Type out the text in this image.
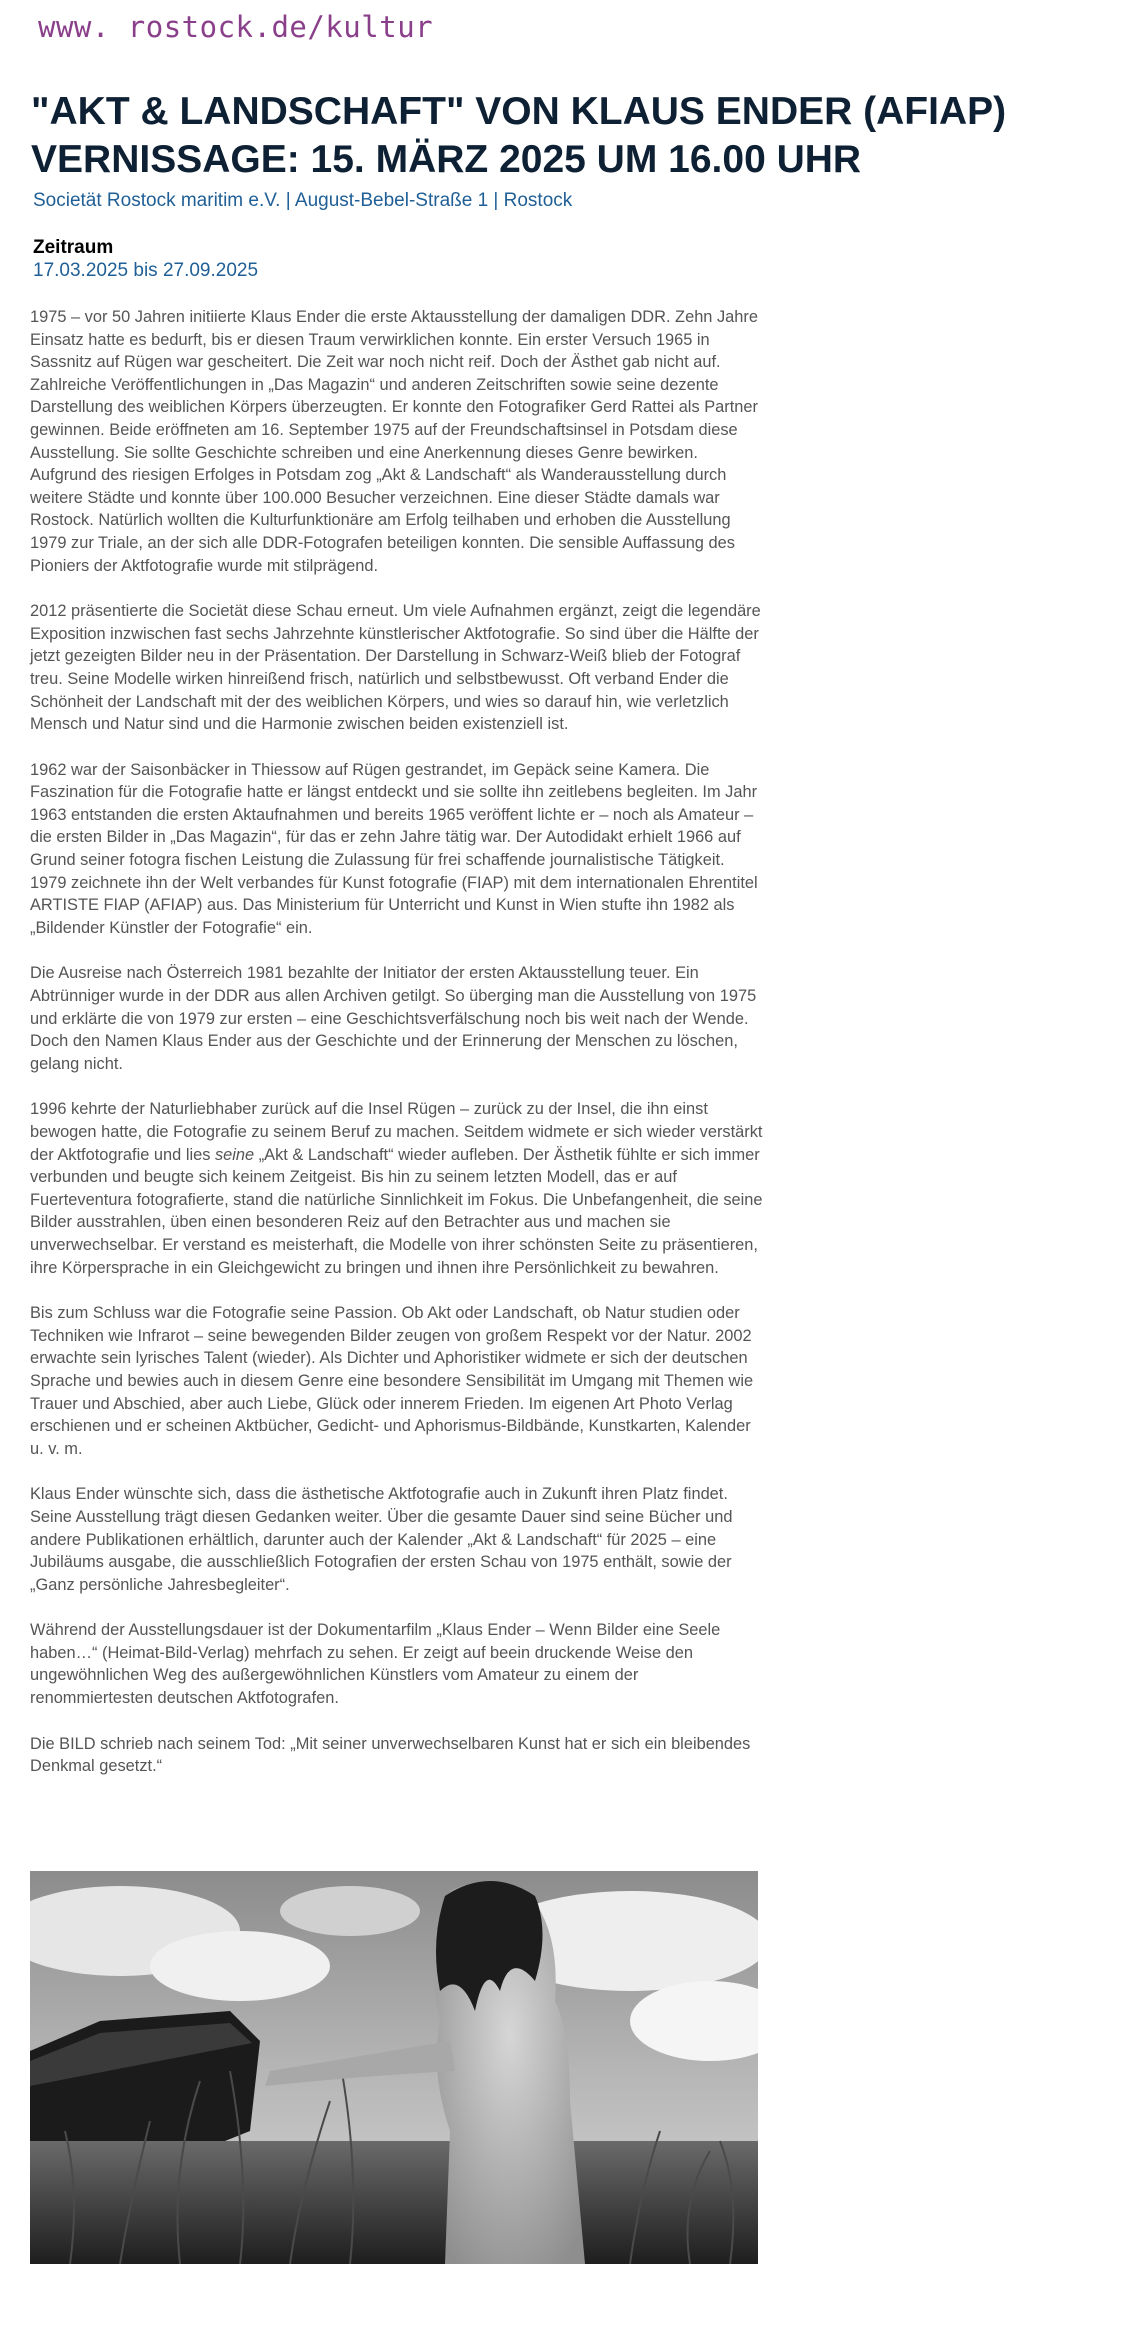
www. rostock.de/kultur
"AKT & LANDSCHAFT" VON KLAUS ENDER (AFIAP)
VERNISSAGE: 15. MÄRZ 2025 UM 16.00 UHR
Societät Rostock maritim e.V. | August-Bebel-Straße 1 | Rostock
Zeitraum
17.03.2025 bis 27.09.2025

1975 – vor 50 Jahren initiierte Klaus Ender die erste Aktausstellung der damaligen DDR. Zehn Jahre Einsatz hatte es bedurft, bis er diesen Traum verwirklichen konnte. Ein erster Versuch 1965 in Sassnitz auf Rügen war gescheitert. Die Zeit war noch nicht reif. Doch der Ästhet gab nicht auf. Zahlreiche Veröffentlichungen in „Das Magazin“ und anderen Zeitschriften sowie seine dezente Darstellung des weiblichen Körpers überzeugten. Er konnte den Fotografiker Gerd Rattei als Partner gewinnen. Beide eröffneten am 16. September 1975 auf der Freundschaftsinsel in Potsdam diese Ausstellung. Sie sollte Geschichte schreiben und eine Anerkennung dieses Genre bewirken. Aufgrund des riesigen Erfolges in Potsdam zog „Akt & Landschaft“ als Wanderausstellung durch weitere Städte und konnte über 100.000 Besucher verzeichnen. Eine dieser Städte damals war Rostock. Natürlich wollten die Kulturfunktionäre am Erfolg teilhaben und erhoben die Ausstellung 1979 zur Triale, an der sich alle DDR-Fotografen beteiligen konnten. Die sensible Auffassung des Pioniers der Aktfotografie wurde mit stilprägend.

2012 präsentierte die Societät diese Schau erneut. Um viele Aufnahmen ergänzt, zeigt die legendäre Exposition inzwischen fast sechs Jahrzehnte künstlerischer Aktfotografie. So sind über die Hälfte der jetzt gezeigten Bilder neu in der Präsentation. Der Darstellung in Schwarz-Weiß blieb der Fotograf treu. Seine Modelle wirken hinreißend frisch, natürlich und selbstbewusst. Oft verband Ender die Schönheit der Landschaft mit der des weiblichen Körpers, und wies so darauf hin, wie verletzlich Mensch und Natur sind und die Harmonie zwischen beiden existenziell ist.

1962 war der Saisonbäcker in Thiessow auf Rügen gestrandet, im Gepäck seine Kamera. Die Faszination für die Fotografie hatte er längst entdeckt und sie sollte ihn zeitlebens begleiten. Im Jahr 1963 entstanden die ersten Aktaufnahmen und bereits 1965 veröffent lichte er – noch als Amateur – die ersten Bilder in „Das Magazin“, für das er zehn Jahre tätig war. Der Autodidakt erhielt 1966 auf Grund seiner fotogra fischen Leistung die Zulassung für frei schaffende journalistische Tätigkeit. 1979 zeichnete ihn der Welt verbandes für Kunst fotografie (FIAP) mit dem internationalen Ehrentitel ARTISTE FIAP (AFIAP) aus. Das Ministerium für Unterricht und Kunst in Wien stufte ihn 1982 als „Bildender Künstler der Fotografie“ ein.

Die Ausreise nach Österreich 1981 bezahlte der Initiator der ersten Aktausstellung teuer. Ein Abtrünniger wurde in der DDR aus allen Archiven getilgt. So überging man die Ausstellung von 1975 und erklärte die von 1979 zur ersten – eine Geschichtsverfälschung noch bis weit nach der Wende. Doch den Namen Klaus Ender aus der Geschichte und der Erinnerung der Menschen zu löschen, gelang nicht.

1996 kehrte der Naturliebhaber zurück auf die Insel Rügen – zurück zu der Insel, die ihn einst bewogen hatte, die Fotografie zu seinem Beruf zu machen. Seitdem widmete er sich wieder verstärkt der Aktfotografie und lies seine „Akt & Landschaft“ wieder aufleben. Der Ästhetik fühlte er sich immer verbunden und beugte sich keinem Zeitgeist. Bis hin zu seinem letzten Modell, das er auf Fuerteventura fotografierte, stand die natürliche Sinnlichkeit im Fokus. Die Unbefangenheit, die seine Bilder ausstrahlen, üben einen besonderen Reiz auf den Betrachter aus und machen sie unverwechselbar. Er verstand es meisterhaft, die Modelle von ihrer schönsten Seite zu präsentieren, ihre Körpersprache in ein Gleichgewicht zu bringen und ihnen ihre Persönlichkeit zu bewahren.

Bis zum Schluss war die Fotografie seine Passion. Ob Akt oder Landschaft, ob Natur studien oder Techniken wie Infrarot – seine bewegenden Bilder zeugen von großem Respekt vor der Natur. 2002 erwachte sein lyrisches Talent (wieder). Als Dichter und Aphoristiker widmete er sich der deutschen Sprache und bewies auch in diesem Genre eine besondere Sensibilität im Umgang mit Themen wie Trauer und Abschied, aber auch Liebe, Glück oder innerem Frieden. Im eigenen Art Photo Verlag erschienen und er scheinen Aktbücher, Gedicht- und Aphorismus-Bildbände, Kunstkarten, Kalender u. v. m.

Klaus Ender wünschte sich, dass die ästhetische Aktfotografie auch in Zukunft ihren Platz findet. Seine Ausstellung trägt diesen Gedanken weiter. Über die gesamte Dauer sind seine Bücher und andere Publikationen erhältlich, darunter auch der Kalender „Akt & Landschaft“ für 2025 – eine Jubiläums ausgabe, die ausschließlich Fotografien der ersten Schau von 1975 enthält, sowie der „Ganz persönliche Jahresbegleiter“.

Während der Ausstellungsdauer ist der Dokumentarfilm „Klaus Ender – Wenn Bilder eine Seele haben…“ (Heimat-Bild-Verlag) mehrfach zu sehen. Er zeigt auf beein druckende Weise den ungewöhnlichen Weg des außergewöhnlichen Künstlers vom Amateur zu einem der renommiertesten deutschen Aktfotografen.

Die BILD schrieb nach seinem Tod: „Mit seiner unverwechselbaren Kunst hat er sich ein bleibendes Denkmal gesetzt.“
